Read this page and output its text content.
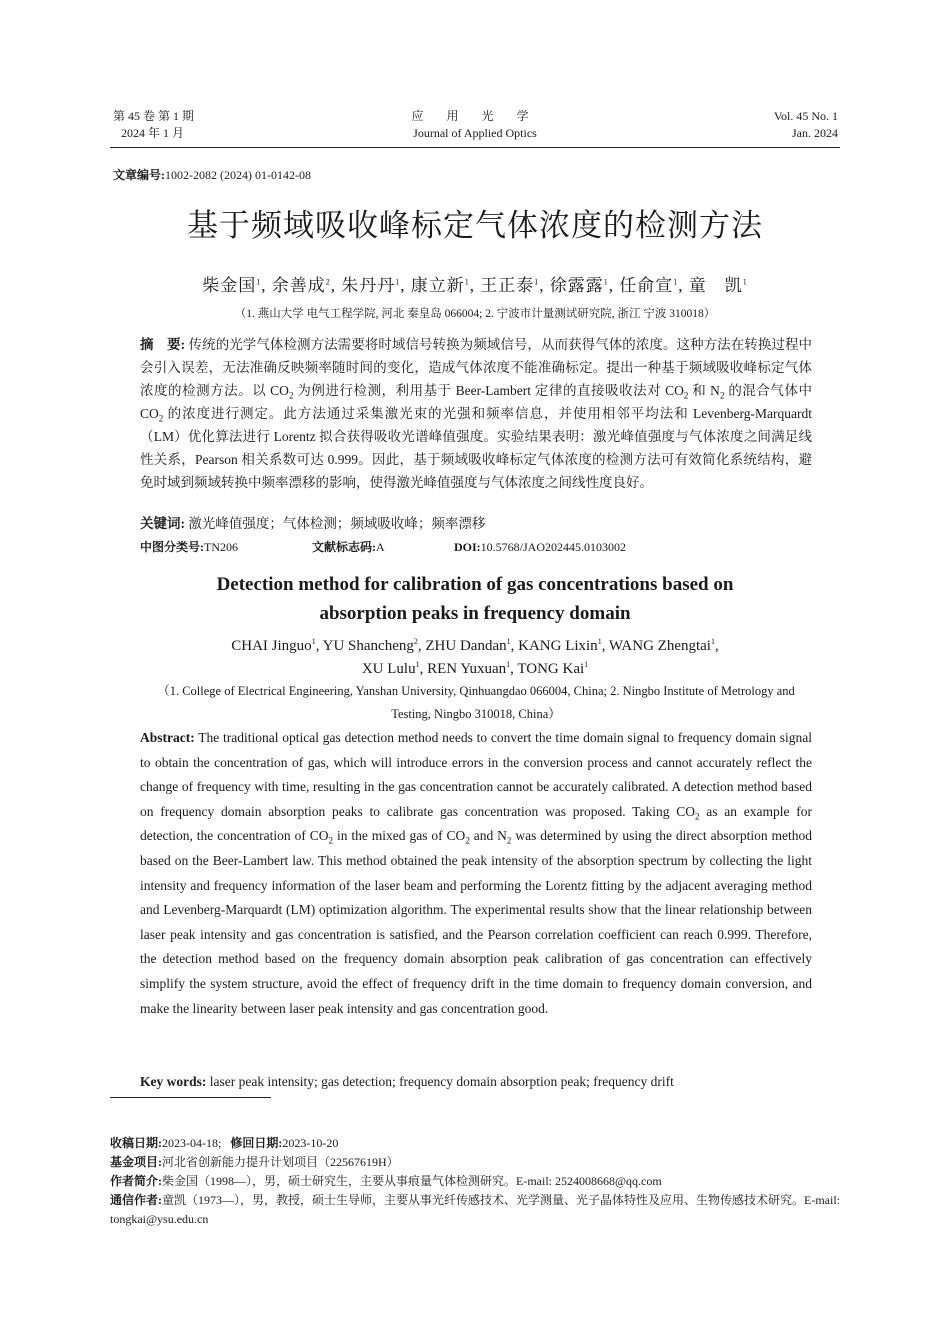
第 45 卷 第 1 期
2024 年 1 月
应 用 光 学
Journal of Applied Optics
Vol. 45 No. 1
Jan. 2024
文章编号:1002-2082 (2024) 01-0142-08
基于频域吸收峰标定气体浓度的检测方法
柴金国$^1$, 余善成$^2$, 朱丹丹$^1$, 康立新$^1$, 王正泰$^1$, 徐露露$^1$, 任俞宣$^1$, 童　凯$^1$
（1. 燕山大学 电气工程学院, 河北 秦皇岛 066004; 2. 宁波市计量测试研究院, 浙江 宁波 310018）
摘　要: 传统的光学气体检测方法需要将时域信号转换为频域信号，从而获得气体的浓度。这种方法在转换过程中会引入误差，无法准确反映频率随时间的变化，造成气体浓度不能准确标定。提出一种基于频域吸收峰标定气体浓度的检测方法。以 $CO_2$ 为例进行检测，利用基于 Beer-Lambert 定律的直接吸收法对 $CO_2$ 和 $N_2$ 的混合气体中 $CO_2$ 的浓度进行测定。此方法通过采集激光束的光强和频率信息，并使用相邻平均法和 Levenberg-Marquardt（LM）优化算法进行 Lorentz 拟合获得吸收光谱峰值强度。实验结果表明：激光峰值强度与气体浓度之间满足线性关系，Pearson 相关系数可达 0.999。因此，基于频域吸收峰标定气体浓度的检测方法可有效简化系统结构，避免时域到频域转换中频率漂移的影响，使得激光峰值强度与气体浓度之间线性度良好。
关键词: 激光峰值强度；气体检测；频域吸收峰；频率漂移
中图分类号:TN206	文献标志码:A	DOI:10.5768/JAO202445.0103002
Detection method for calibration of gas concentrations based on
absorption peaks in frequency domain
CHAI Jinguo$^1$, YU Shancheng$^2$, ZHU Dandan$^1$, KANG Lixin$^1$, WANG Zhengtai$^1$,
XU Lulu$^1$, REN Yuxuan$^1$, TONG Kai$^1$
（1. College of Electrical Engineering, Yanshan University, Qinhuangdao 066004, China; 2. Ningbo Institute of Metrology and Testing, Ningbo 310018, China）
Abstract: The traditional optical gas detection method needs to convert the time domain signal to frequency domain signal to obtain the concentration of gas, which will introduce errors in the conversion process and cannot accurately reflect the change of frequency with time, resulting in the gas concentration cannot be accurately calibrated. A detection method based on frequency domain absorption peaks to calibrate gas concentration was proposed. Taking $CO_2$ as an example for detection, the concentration of $CO_2$ in the mixed gas of $CO_2$ and $N_2$ was determined by using the direct absorption method based on the Beer-Lambert law. This method obtained the peak intensity of the absorption spectrum by collecting the light intensity and frequency information of the laser beam and performing the Lorentz fitting by the adjacent averaging method and Levenberg-Marquardt (LM) optimization algorithm. The experimental results show that the linear relationship between laser peak intensity and gas concentration is satisfied, and the Pearson correlation coefficient can reach 0.999. Therefore, the detection method based on the frequency domain absorption peak calibration of gas concentration can effectively simplify the system structure, avoid the effect of frequency drift in the time domain to frequency domain conversion, and make the linearity between laser peak intensity and gas concentration good.
Key words: laser peak intensity; gas detection; frequency domain absorption peak; frequency drift
收稿日期:2023-04-18; 修回日期:2023-10-20
基金项目:河北省创新能力提升计划项目（22567619H）
作者简介:柴金国（1998—），男，硕士研究生，主要从事痕量气体检测研究。E-mail: 2524008668@qq.com
通信作者:童凯（1973—），男，教授，硕士生导师，主要从事光纤传感技术、光学测量、光子晶体特性及应用、生物传感技术研究。E-mail: tongkai@ysu.edu.cn
